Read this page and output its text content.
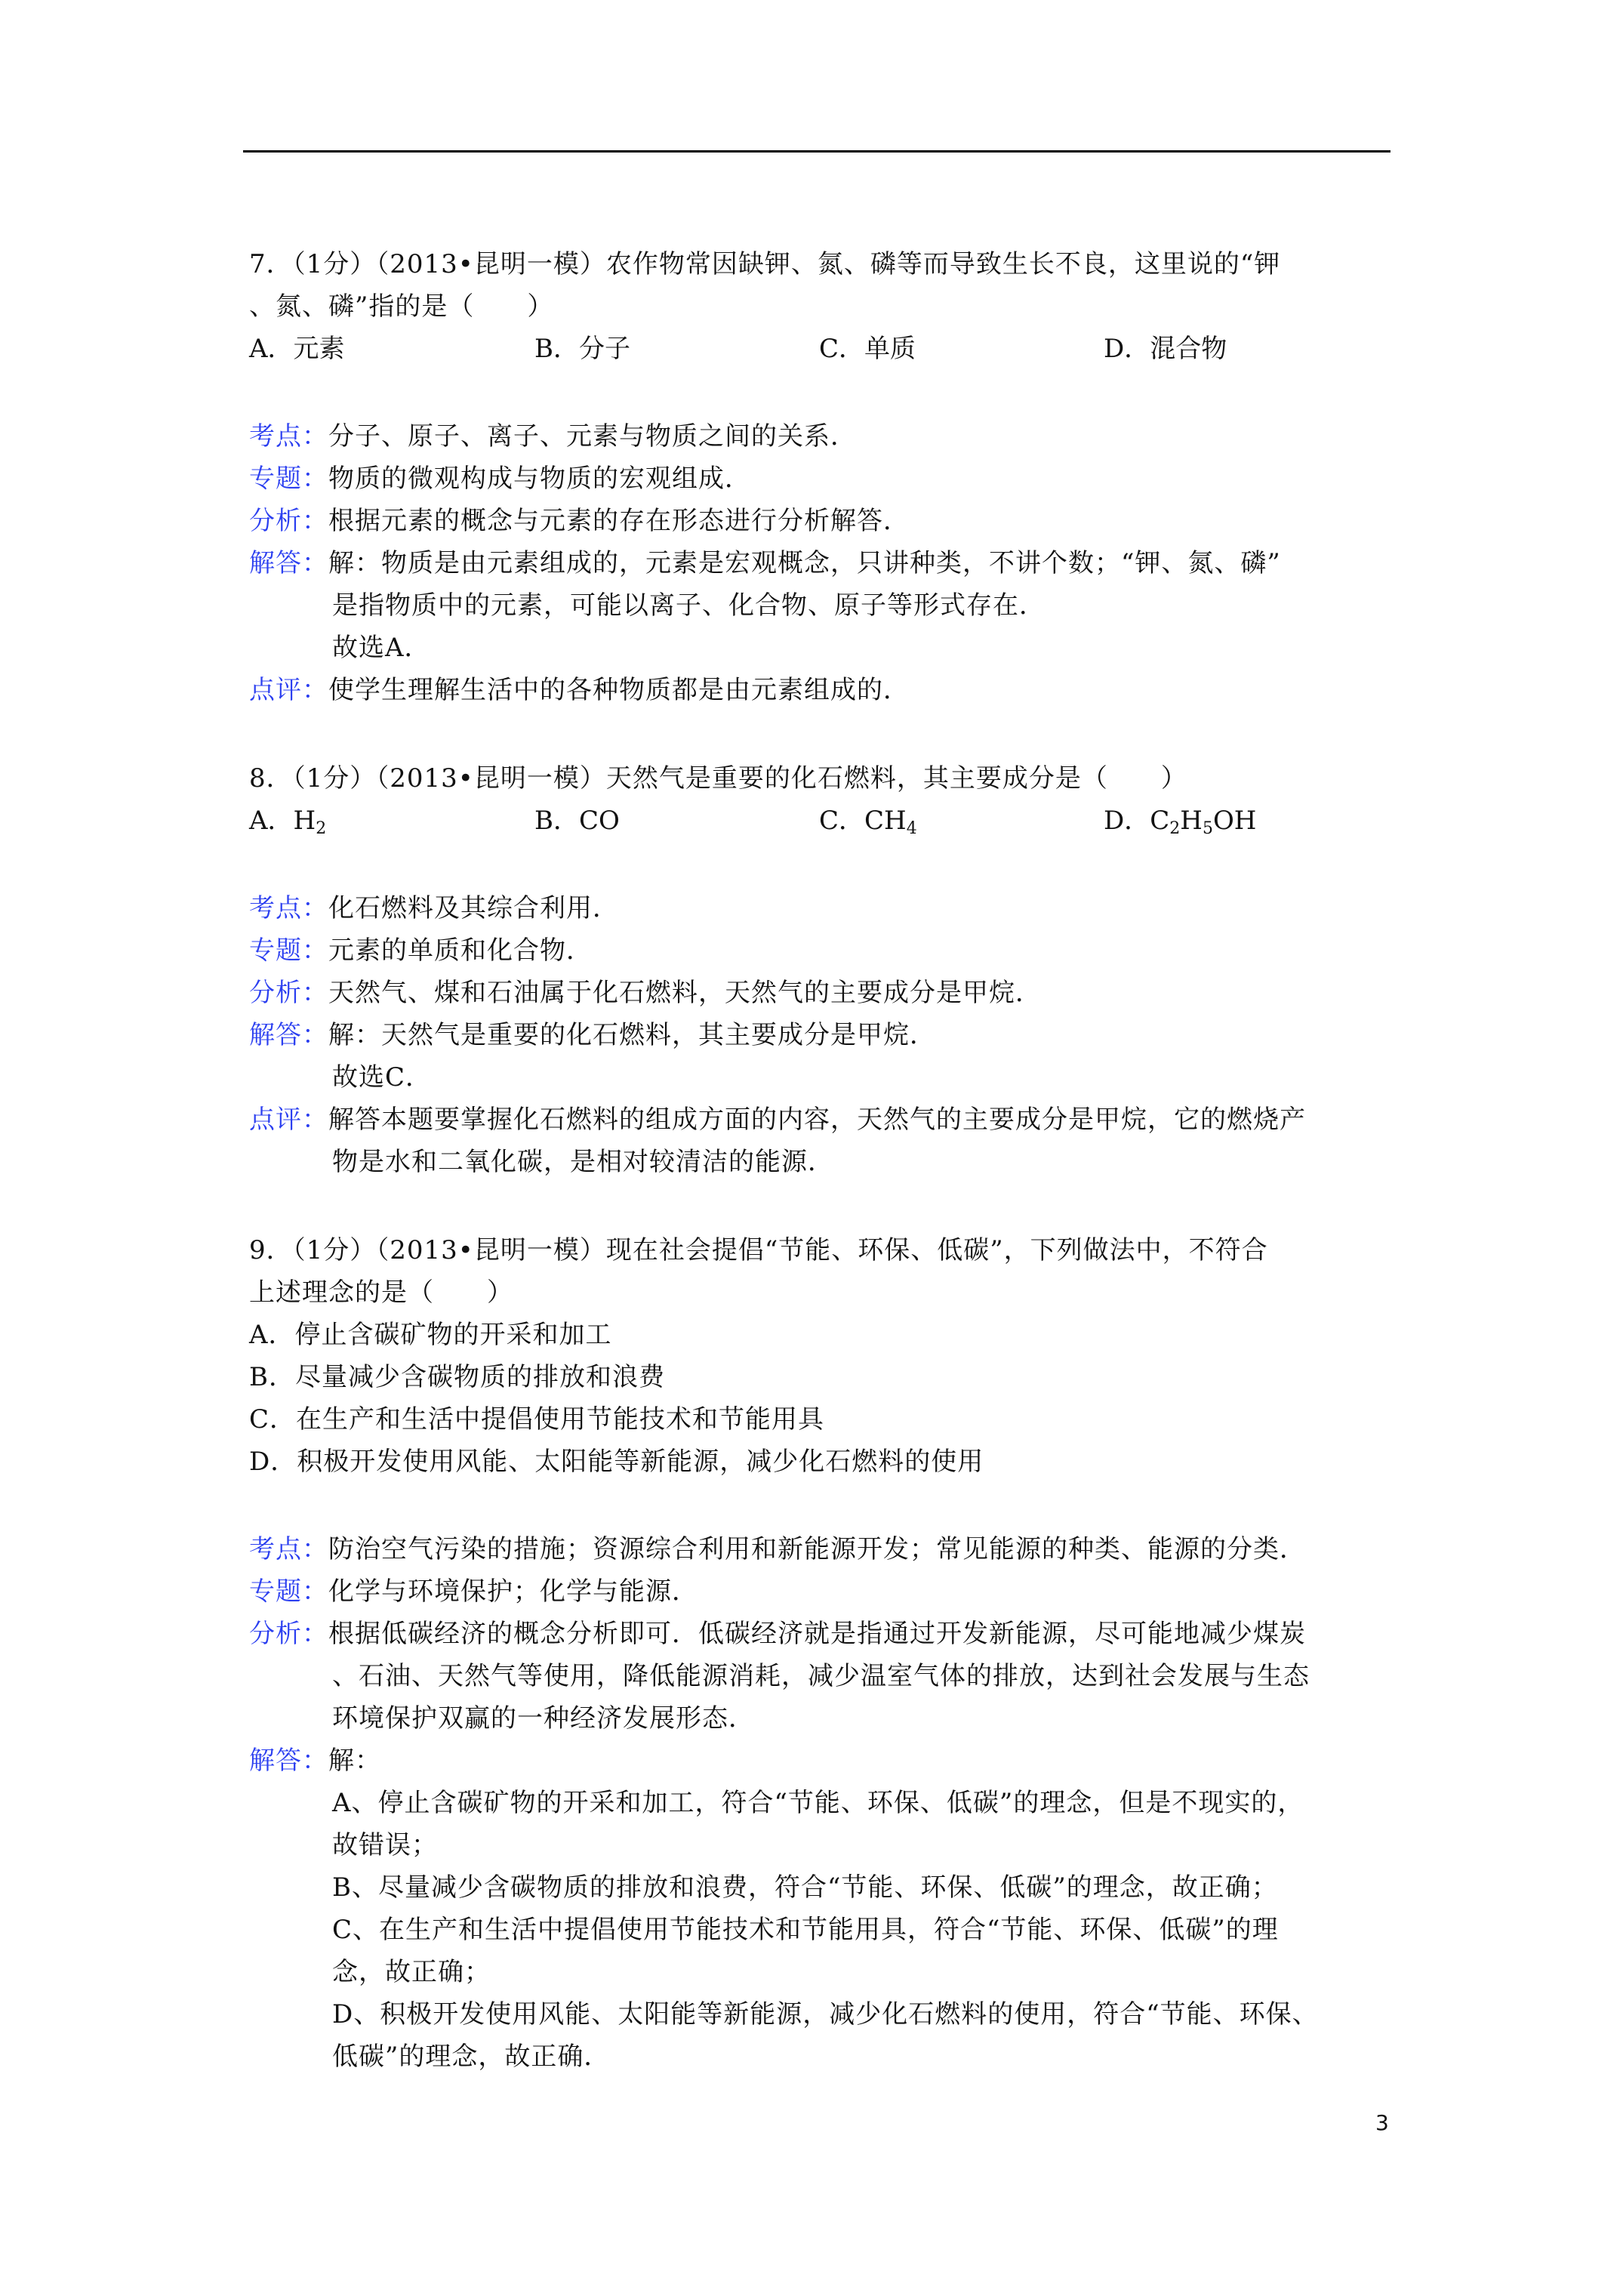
7．（1分）（2013•昆明一模）农作物常因缺钾、氮、磷等而导致生长不良，这里说的“钾
、氮、磷”指的是（　　）
A．元素	B．分子	C．单质	D．混合物
考点：分子、原子、离子、元素与物质之间的关系．
专题：物质的微观构成与物质的宏观组成．
分析：根据元素的概念与元素的存在形态进行分析解答．
解答：解：物质是由元素组成的，元素是宏观概念，只讲种类，不讲个数；“钾、氮、磷”
是指物质中的元素，可能以离子、化合物、原子等形式存在．
故选A．
点评：使学生理解生活中的各种物质都是由元素组成的．
8．（1分）（2013•昆明一模）天然气是重要的化石燃料，其主要成分是（　　）
A．$H_2$	B．CO	C．$CH_4$	D．$C_2H_5OH$
考点：化石燃料及其综合利用．
专题：元素的单质和化合物．
分析：天然气、煤和石油属于化石燃料，天然气的主要成分是甲烷．
解答：解：天然气是重要的化石燃料，其主要成分是甲烷．
故选C．
点评：解答本题要掌握化石燃料的组成方面的内容，天然气的主要成分是甲烷，它的燃烧产
物是水和二氧化碳，是相对较清洁的能源．
9．（1分）（2013•昆明一模）现在社会提倡“节能、环保、低碳”，下列做法中，不符合
上述理念的是（　　）
A．停止含碳矿物的开采和加工
B．尽量减少含碳物质的排放和浪费
C．在生产和生活中提倡使用节能技术和节能用具
D．积极开发使用风能、太阳能等新能源，减少化石燃料的使用
考点：防治空气污染的措施；资源综合利用和新能源开发；常见能源的种类、能源的分类．
专题：化学与环境保护；化学与能源．
分析：根据低碳经济的概念分析即可．低碳经济就是指通过开发新能源，尽可能地减少煤炭
、石油、天然气等使用，降低能源消耗，减少温室气体的排放，达到社会发展与生态
环境保护双赢的一种经济发展形态．
解答：解：
A、停止含碳矿物的开采和加工，符合“节能、环保、低碳”的理念，但是不现实的，
故错误；
B、尽量减少含碳物质的排放和浪费，符合“节能、环保、低碳”的理念，故正确；
C、在生产和生活中提倡使用节能技术和节能用具，符合“节能、环保、低碳”的理
念，故正确；
D、积极开发使用风能、太阳能等新能源，减少化石燃料的使用，符合“节能、环保、
低碳”的理念，故正确．
3
